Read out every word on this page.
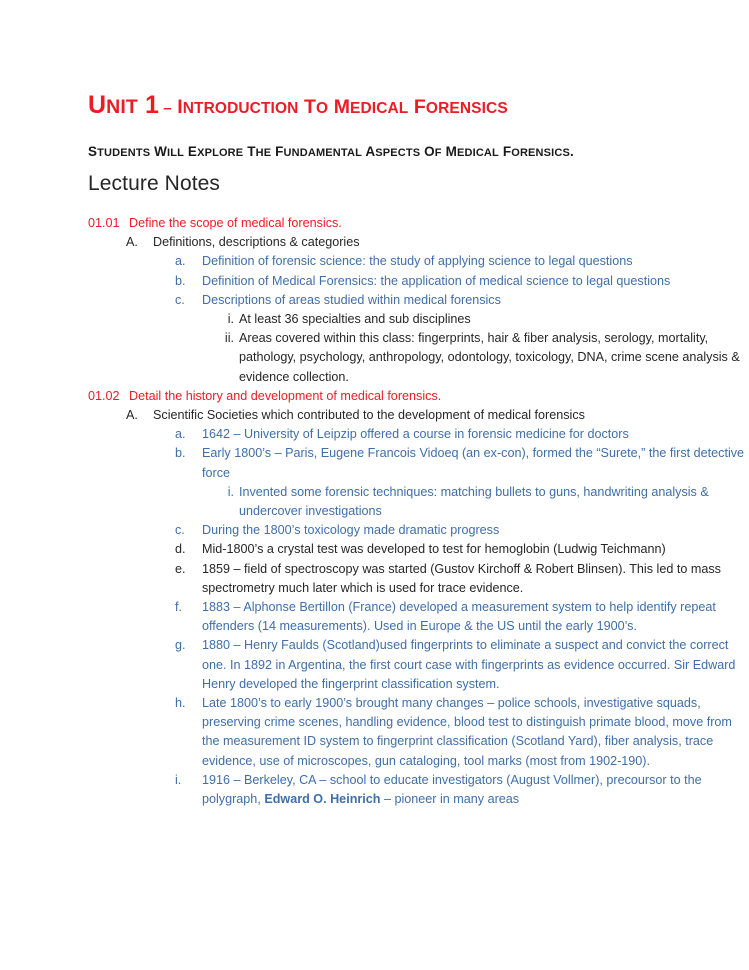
UNIT 1 – INTRODUCTION TO MEDICAL FORENSICS

STUDENTS WILL EXPLORE THE FUNDAMENTAL ASPECTS OF MEDICAL FORENSICS.

Lecture Notes
01.01 Define the scope of medical forensics.
A.	Definitions, descriptions & categories
a.	Definition of forensic science: the study of applying science to legal questions
b.	Definition of Medical Forensics: the application of medical science to legal questions
c.	Descriptions of areas studied within medical forensics
i. At least 36 specialties and sub disciplines
ii. Areas covered within this class: fingerprints, hair & fiber analysis, serology, mortality, pathology, psychology, anthropology, odontology, toxicology, DNA, crime scene analysis & evidence collection.
01.02 Detail the history and development of medical forensics.
A.	Scientific Societies which contributed to the development of medical forensics
a.	1642 – University of Leipzip offered a course in forensic medicine for doctors
b.	Early 1800’s – Paris, Eugene Francois Vidoeq (an ex-con), formed the “Surete,” the first detective force
i. Invented some forensic techniques: matching bullets to guns, handwriting analysis & undercover investigations
c.	During the 1800’s toxicology made dramatic progress
d.	Mid-1800’s a crystal test was developed to test for hemoglobin (Ludwig Teichmann)
e.	1859 – field of spectroscopy was started (Gustov Kirchoff & Robert Blinsen). This led to mass spectrometry much later which is used for trace evidence.
f.	1883 – Alphonse Bertillon (France) developed a measurement system to help identify repeat offenders (14 measurements). Used in Europe & the US until the early 1900’s.
g.	1880 – Henry Faulds (Scotland)used fingerprints to eliminate a suspect and convict the correct one. In 1892 in Argentina, the first court case with fingerprints as evidence occurred. Sir Edward Henry developed the fingerprint classification system.
h.	Late 1800’s to early 1900’s brought many changes – police schools, investigative squads, preserving crime scenes, handling evidence, blood test to distinguish primate blood, move from the measurement ID system to fingerprint classification (Scotland Yard), fiber analysis, trace evidence, use of microscopes, gun cataloging, tool marks (most from 1902-190).
i.	1916 – Berkeley, CA – school to educate investigators (August Vollmer), precoursor to the polygraph, Edward O. Heinrich – pioneer in many areas
